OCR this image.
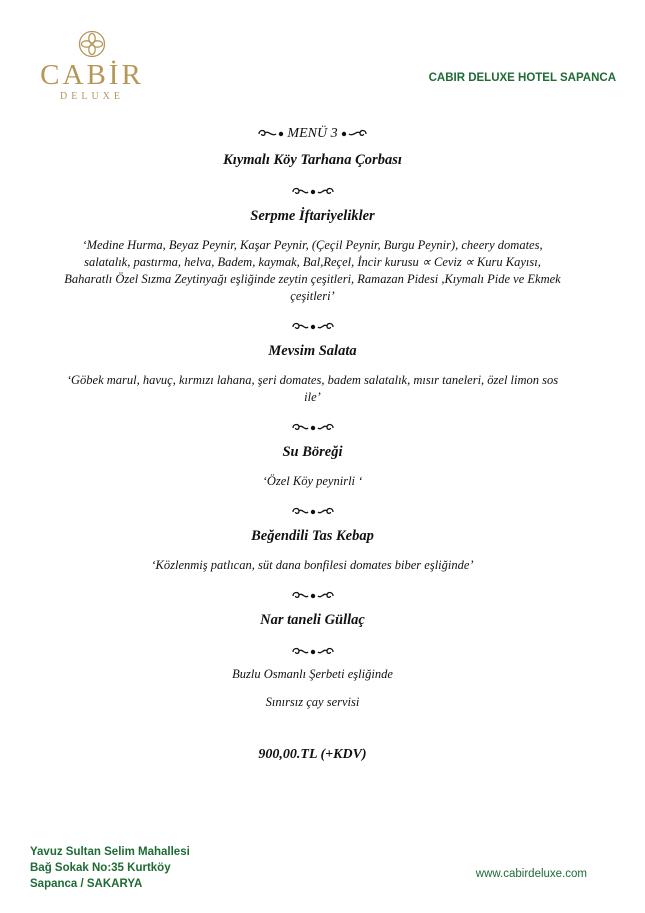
CABİR
DELUXE
CABIR DELUXE HOTEL SAPANCA
MENÜ 3
Kıymalı Köy Tarhana Çorbası
Serpme İftariyelikler
‘Medine Hurma, Beyaz Peynir, Kaşar Peynir, (Çeçil Peynir, Burgu Peynir), cheery domates, salatalık, pastırma, helva, Badem, kaymak, Bal,Reçel, İncir kurusu ∝ Ceviz ∝ Kuru Kayısı, Baharatlı Özel Sızma Zeytinyağı eşliğinde zeytin çeşitleri, Ramazan Pidesi ,Kıymalı Pide ve Ekmek çeşitleri’
Mevsim Salata
‘Göbek marul, havuç, kırmızı lahana, şeri domates, badem salatalık, mısır taneleri, özel limon sos ile’
Su Böreği
‘Özel Köy peynirli ‘
Beğendili Tas Kebap
‘Közlenmiş patlıcan, süt dana bonfilesi domates biber eşliğinde’
Nar taneli Güllaç
Buzlu Osmanlı Şerbeti eşliğinde
Sınırsız çay servisi
900,00.TL (+KDV)
Yavuz Sultan Selim Mahallesi
Bağ Sokak No:35 Kurtköy
Sapanca / SAKARYA
www.cabirdeluxe.com
